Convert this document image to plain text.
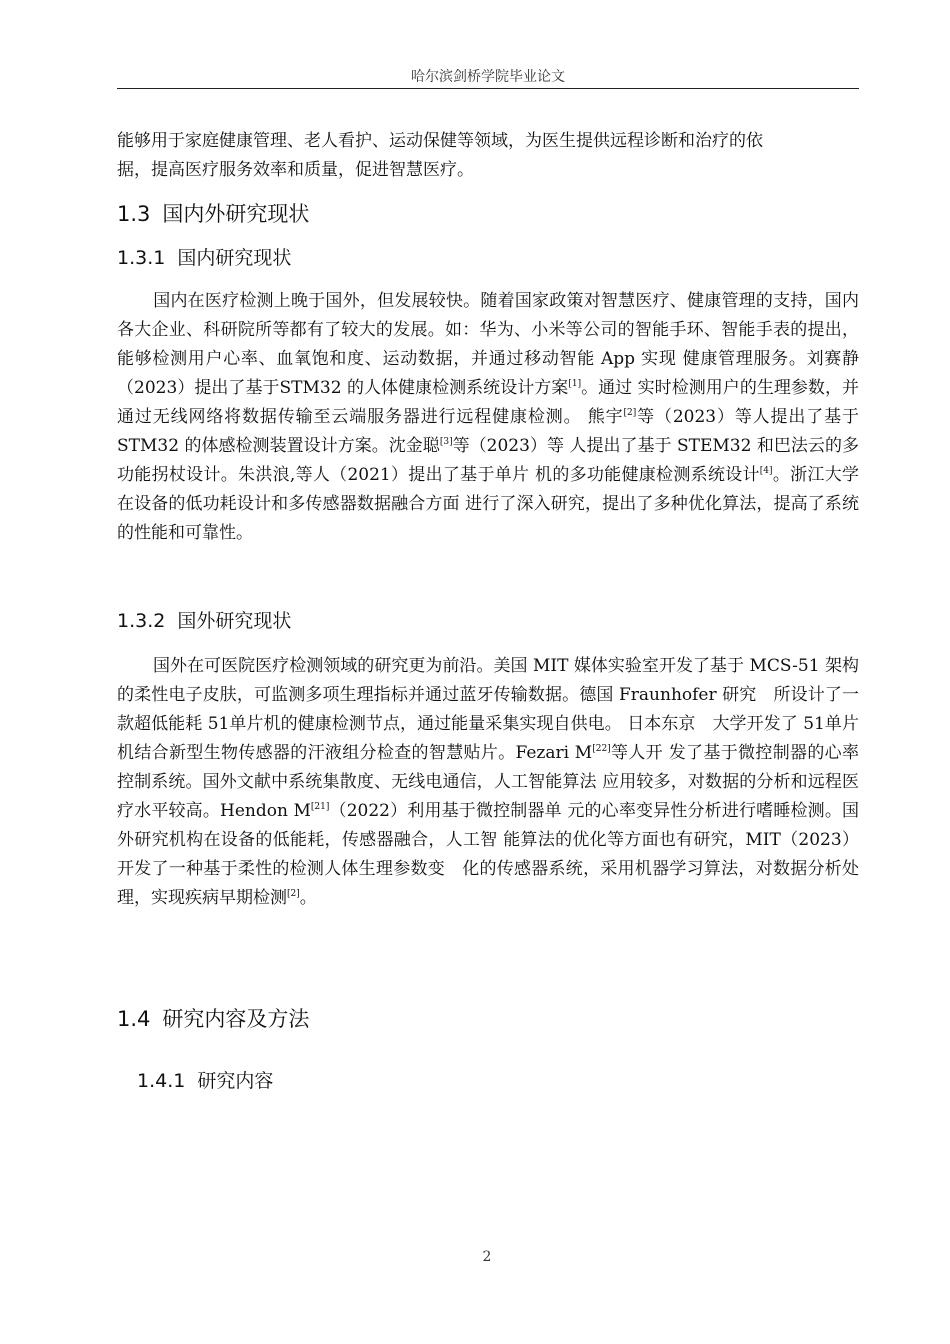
哈尔滨剑桥学院毕业论文

能够用于家庭健康管理、老人看护、运动保健等领域，为医生提供远程诊断和治疗的依
据，提高医疗服务效率和质量，促进智慧医疗。

1.3 国内外研究现状
1.3.1 国内研究现状

国内在医疗检测上晚于国外，但发展较快。随着国家政策对智慧医疗、健康管理的支持，国内各大企业、科研院所等都有了较大的发展。如：华为、小米等公司的智能手环、智能手表的提出，能够检测用户心率、血氧饱和度、运动数据，并通过移动智能 App 实现 健康管理服务。刘赛静（2023）提出了基于STM32 的人体健康检测系统设计方案[1]。通过 实时检测用户的生理参数，并通过无线网络将数据传输至云端服务器进行远程健康检测。 熊宇[2]等（2023）等人提出了基于 STM32 的体感检测装置设计方案。沈金聪[3]等（2023）等 人提出了基于 STEM32 和巴法云的多功能拐杖设计。朱洪浪,等人（2021）提出了基于单片 机的多功能健康检测系统设计[4]。浙江大学在设备的低功耗设计和多传感器数据融合方面 进行了深入研究，提出了多种优化算法，提高了系统的性能和可靠性。

1.3.2 国外研究现状

国外在可医院医疗检测领域的研究更为前沿。美国 MIT 媒体实验室开发了基于 MCS-51 架构的柔性电子皮肤，可监测多项生理指标并通过蓝牙传输数据。德国 Fraunhofer 研究　所设计了一款超低能耗 51单片机的健康检测节点，通过能量采集实现自供电。 日本东京　大学开发了 51单片机结合新型生物传感器的汗液组分检查的智慧贴片。Fezari M[22]等人开 发了基于微控制器的心率控制系统。国外文献中系统集散度、无线电通信，人工智能算法 应用较多，对数据的分析和远程医疗水平较高。Hendon M[21]（2022）利用基于微控制器单 元的心率变异性分析进行嗜睡检测。国外研究机构在设备的低能耗，传感器融合，人工智 能算法的优化等方面也有研究，MIT（2023）开发了一种基于柔性的检测人体生理参数变　化的传感器系统，采用机器学习算法，对数据分析处理，实现疾病早期检测[2]。

1.4 研究内容及方法
1.4.1 研究内容
2
